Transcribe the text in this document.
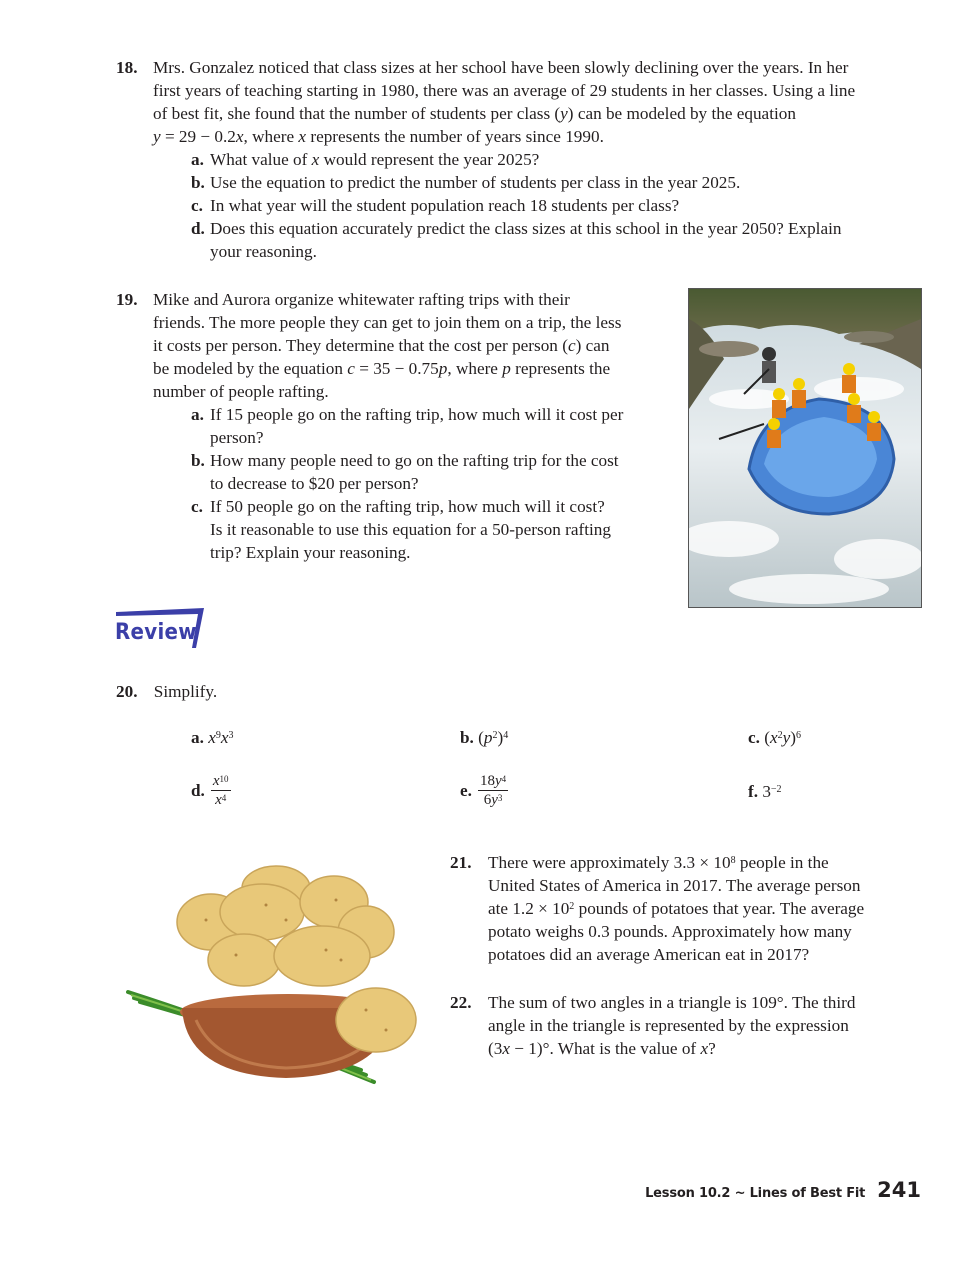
18. Mrs. Gonzalez noticed that class sizes at her school have been slowly declining over the years. In her
first years of teaching starting in 1980, there was an average of 29 students in her classes. Using a line
of best fit, she found that the number of students per class (y) can be modeled by the equation
y = 29 − 0.2x, where x represents the number of years since 1990.
a. What value of x would represent the year 2025?
b. Use the equation to predict the number of students per class in the year 2025.
c. In what year will the student population reach 18 students per class?
d. Does this equation accurately predict the class sizes at this school in the year 2050? Explain
your reasoning.
19. Mike and Aurora organize whitewater rafting trips with their
friends. The more people they can get to join them on a trip, the less
it costs per person. They determine that the cost per person (c) can
be modeled by the equation c = 35 − 0.75p, where p represents the
number of people rafting.
a. If 15 people go on the rafting trip, how much will it cost per
person?
b. How many people need to go on the rafting trip for the cost
to decrease to $20 per person?
c. If 50 people go on the rafting trip, how much will it cost?
Is it reasonable to use this equation for a 50-person rafting
trip? Explain your reasoning.
Review
20. Simplify.
a. $x^9x^3$	b. $(p^2)^4$	c. $(x^2y)^6$
d. $\frac{x^{10}}{x^4}$	e. $\frac{18y^4}{6y^3}$	f. $3^{-2}$
21. There were approximately $3.3 \times 10^8$ people in the
United States of America in 2017. The average person
ate $1.2 \times 10^2$ pounds of potatoes that year. The average
potato weighs 0.3 pounds. Approximately how many
potatoes did an average American eat in 2017?
22. The sum of two angles in a triangle is 109°. The third
angle in the triangle is represented by the expression
(3x − 1)°. What is the value of x?
Lesson 10.2 ~ Lines of Best Fit 241
